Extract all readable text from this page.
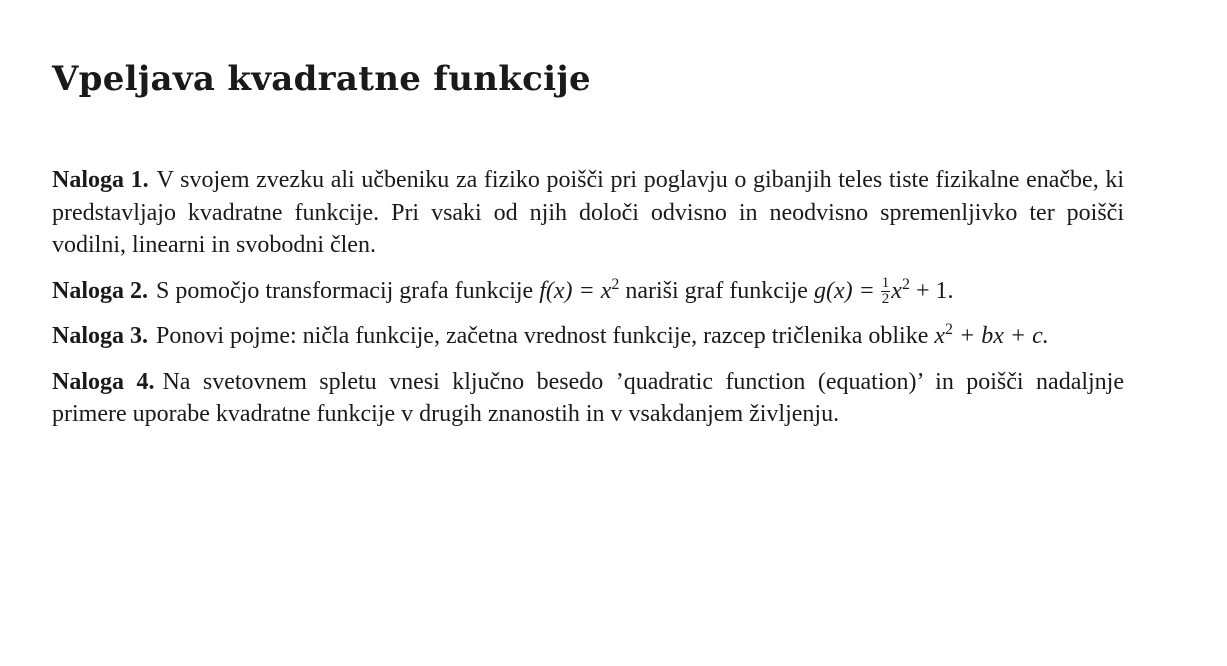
Vpeljava kvadratne funkcije

Naloga 1. V svojem zvezku ali učbeniku za fiziko poišči pri poglavju o gibanjih teles tiste fizikalne enačbe, ki predstavljajo kvadratne funkcije. Pri vsaki od njih določi odvisno in neodvisno spremenljivko ter poišči vodilni, linearni in svobodni člen.

Naloga 2. S pomočjo transformacij grafa funkcije $f(x) = x^2$ nariši graf funkcije $g(x) = \frac{1}{2} x^2 + 1$.

Naloga 3. Ponovi pojme: ničla funkcije, začetna vrednost funkcije, razcep tričlenika oblike $x^2$ + bx + c.

Naloga 4. Na svetovnem spletu vnesi ključno besedo ’quadratic function (equation)’ in poišči nadaljnje primere uporabe kvadratne funkcije v drugih znanostih in v vsakdanjem življenju.
